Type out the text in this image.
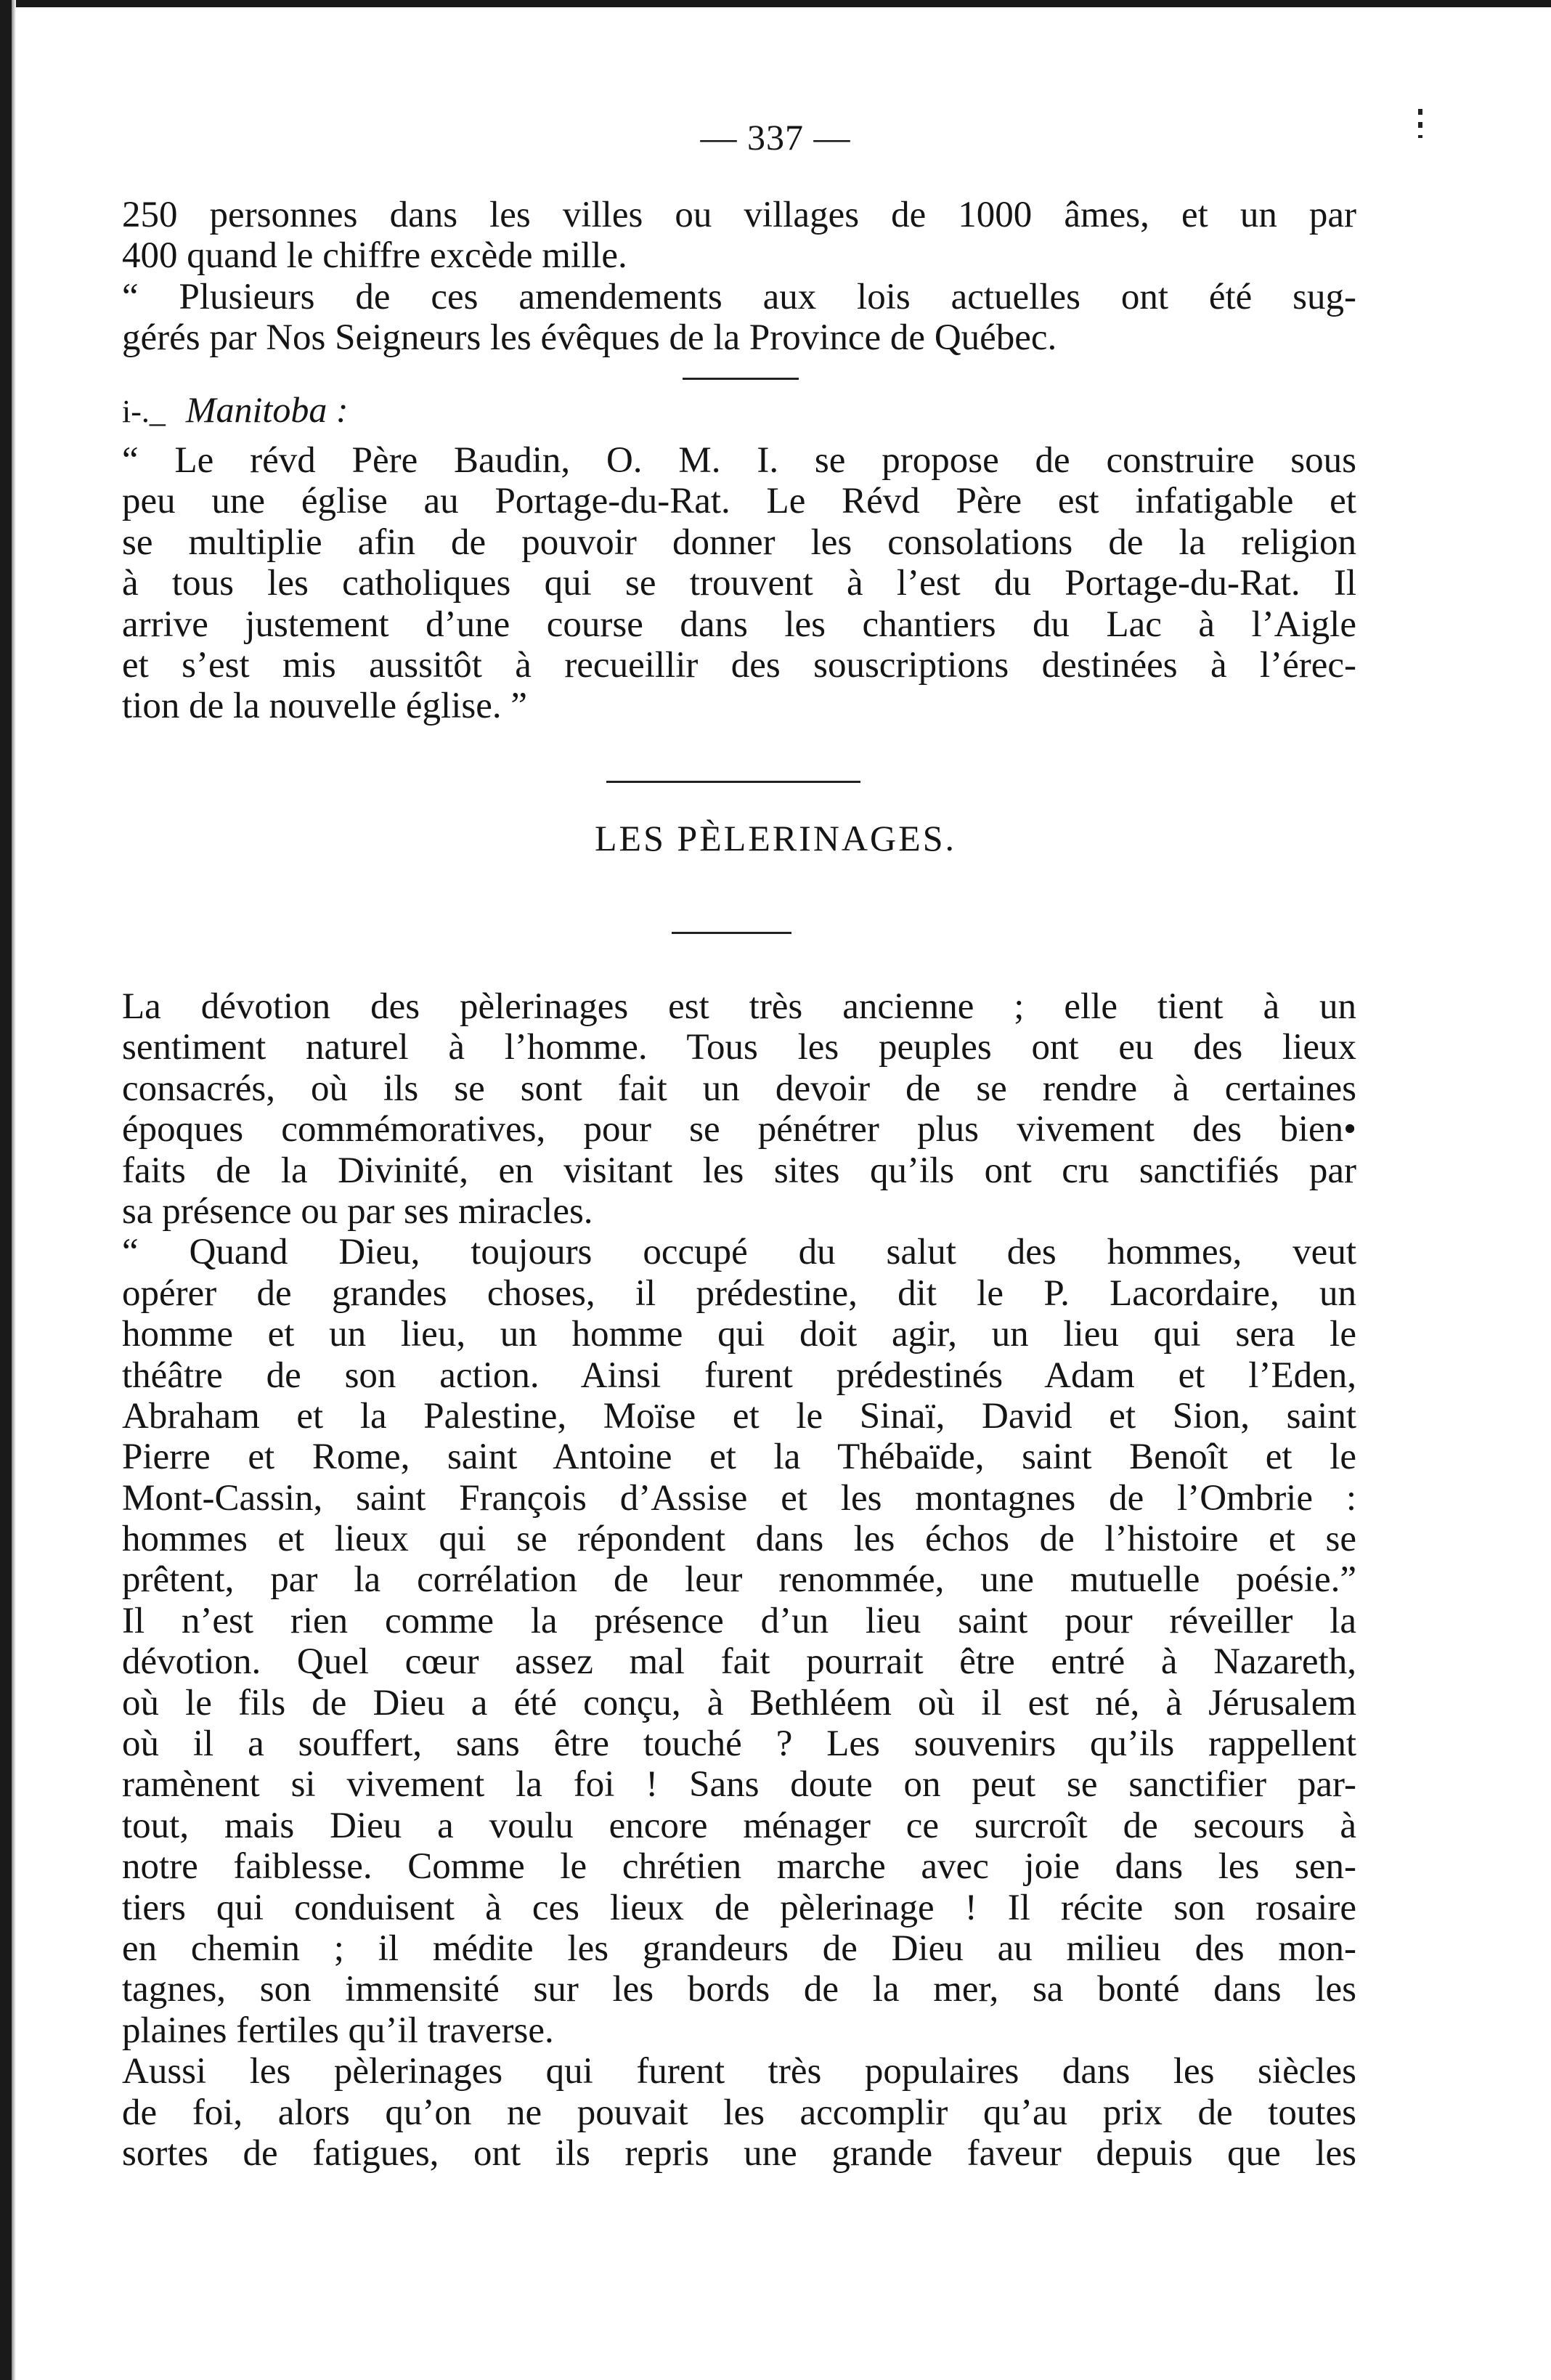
— 337 —
250 personnes dans les villes ou villages de 1000 âmes, et un par
400 quand le chiffre excède mille.
“ Plusieurs de ces amendements aux lois actuelles ont été sug-
gérés par Nos Seigneurs les évêques de la Province de Québec.
i-._ Manitoba :
“ Le révd Père Baudin, O. M. I. se propose de construire sous
peu une église au Portage-du-Rat. Le Révd Père est infatigable et
se multiplie afin de pouvoir donner les consolations de la religion
à tous les catholiques qui se trouvent à l’est du Portage-du-Rat. Il
arrive justement d’une course dans les chantiers du Lac à l’Aigle
et s’est mis aussitôt à recueillir des souscriptions destinées à l’érec-
tion de la nouvelle église. ”
LES PÈLERINAGES.
La dévotion des pèlerinages est très ancienne ; elle tient à un
sentiment naturel à l’homme. Tous les peuples ont eu des lieux
consacrés, où ils se sont fait un devoir de se rendre à certaines
époques commémoratives, pour se pénétrer plus vivement des bien•
faits de la Divinité, en visitant les sites qu’ils ont cru sanctifiés par
sa présence ou par ses miracles.
“ Quand Dieu, toujours occupé du salut des hommes, veut
opérer de grandes choses, il prédestine, dit le P. Lacordaire, un
homme et un lieu, un homme qui doit agir, un lieu qui sera le
théâtre de son action. Ainsi furent prédestinés Adam et l’Eden,
Abraham et la Palestine, Moïse et le Sinaï, David et Sion, saint
Pierre et Rome, saint Antoine et la Thébaïde, saint Benoît et le
Mont-Cassin, saint François d’Assise et les montagnes de l’Ombrie :
hommes et lieux qui se répondent dans les échos de l’histoire et se
prêtent, par la corrélation de leur renommée, une mutuelle poésie.”
Il n’est rien comme la présence d’un lieu saint pour réveiller la
dévotion. Quel cœur assez mal fait pourrait être entré à Nazareth,
où le fils de Dieu a été conçu, à Bethléem où il est né, à Jérusalem
où il a souffert, sans être touché ? Les souvenirs qu’ils rappellent
ramènent si vivement la foi ! Sans doute on peut se sanctifier par-
tout, mais Dieu a voulu encore ménager ce surcroît de secours à
notre faiblesse. Comme le chrétien marche avec joie dans les sen-
tiers qui conduisent à ces lieux de pèlerinage ! Il récite son rosaire
en chemin ; il médite les grandeurs de Dieu au milieu des mon-
tagnes, son immensité sur les bords de la mer, sa bonté dans les
plaines fertiles qu’il traverse.
Aussi les pèlerinages qui furent très populaires dans les siècles
de foi, alors qu’on ne pouvait les accomplir qu’au prix de toutes
sortes de fatigues, ont ils repris une grande faveur depuis que les
